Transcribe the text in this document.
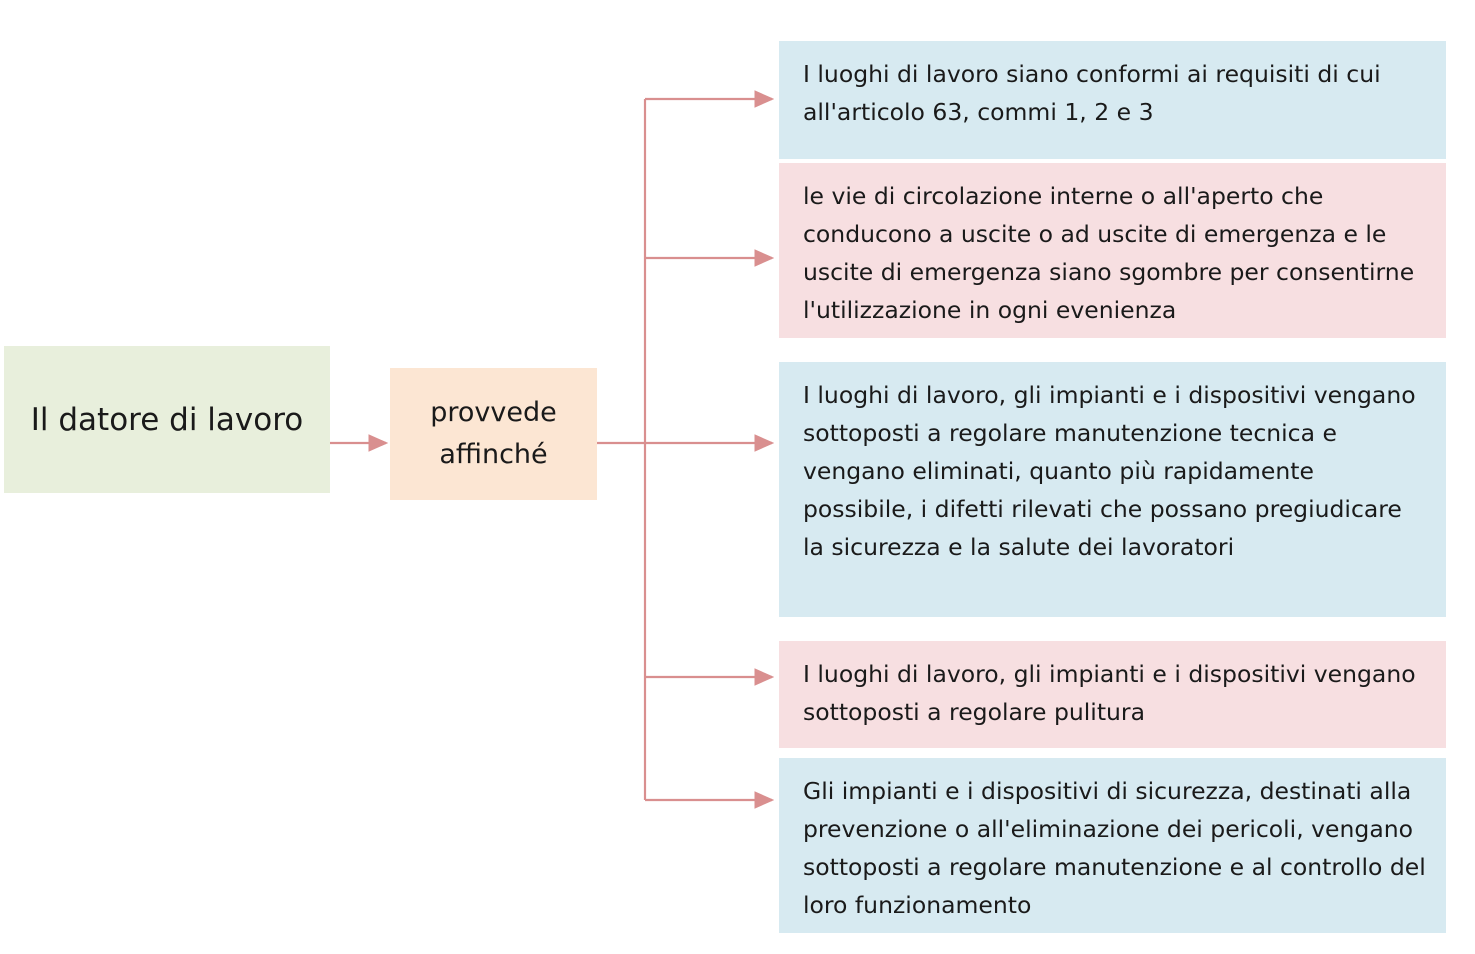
Il datore di lavoro	provvede affinché
I luoghi di lavoro siano conformi ai requisiti di cui all'articolo 63, commi 1, 2 e 3
le vie di circolazione interne o all'aperto che conducono a uscite o ad uscite di emergenza e le uscite di emergenza siano sgombre per consentirne l'utilizzazione in ogni evenienza
I luoghi di lavoro, gli impianti e i dispositivi vengano sottoposti a regolare manutenzione tecnica e vengano eliminati, quanto più rapidamente possibile, i difetti rilevati che possano pregiudicare la sicurezza e la salute dei lavoratori
I luoghi di lavoro, gli impianti e i dispositivi vengano sottoposti a regolare pulitura
Gli impianti e i dispositivi di sicurezza, destinati alla prevenzione o all'eliminazione dei pericoli, vengano sottoposti a regolare manutenzione e al controllo del loro funzionamento
